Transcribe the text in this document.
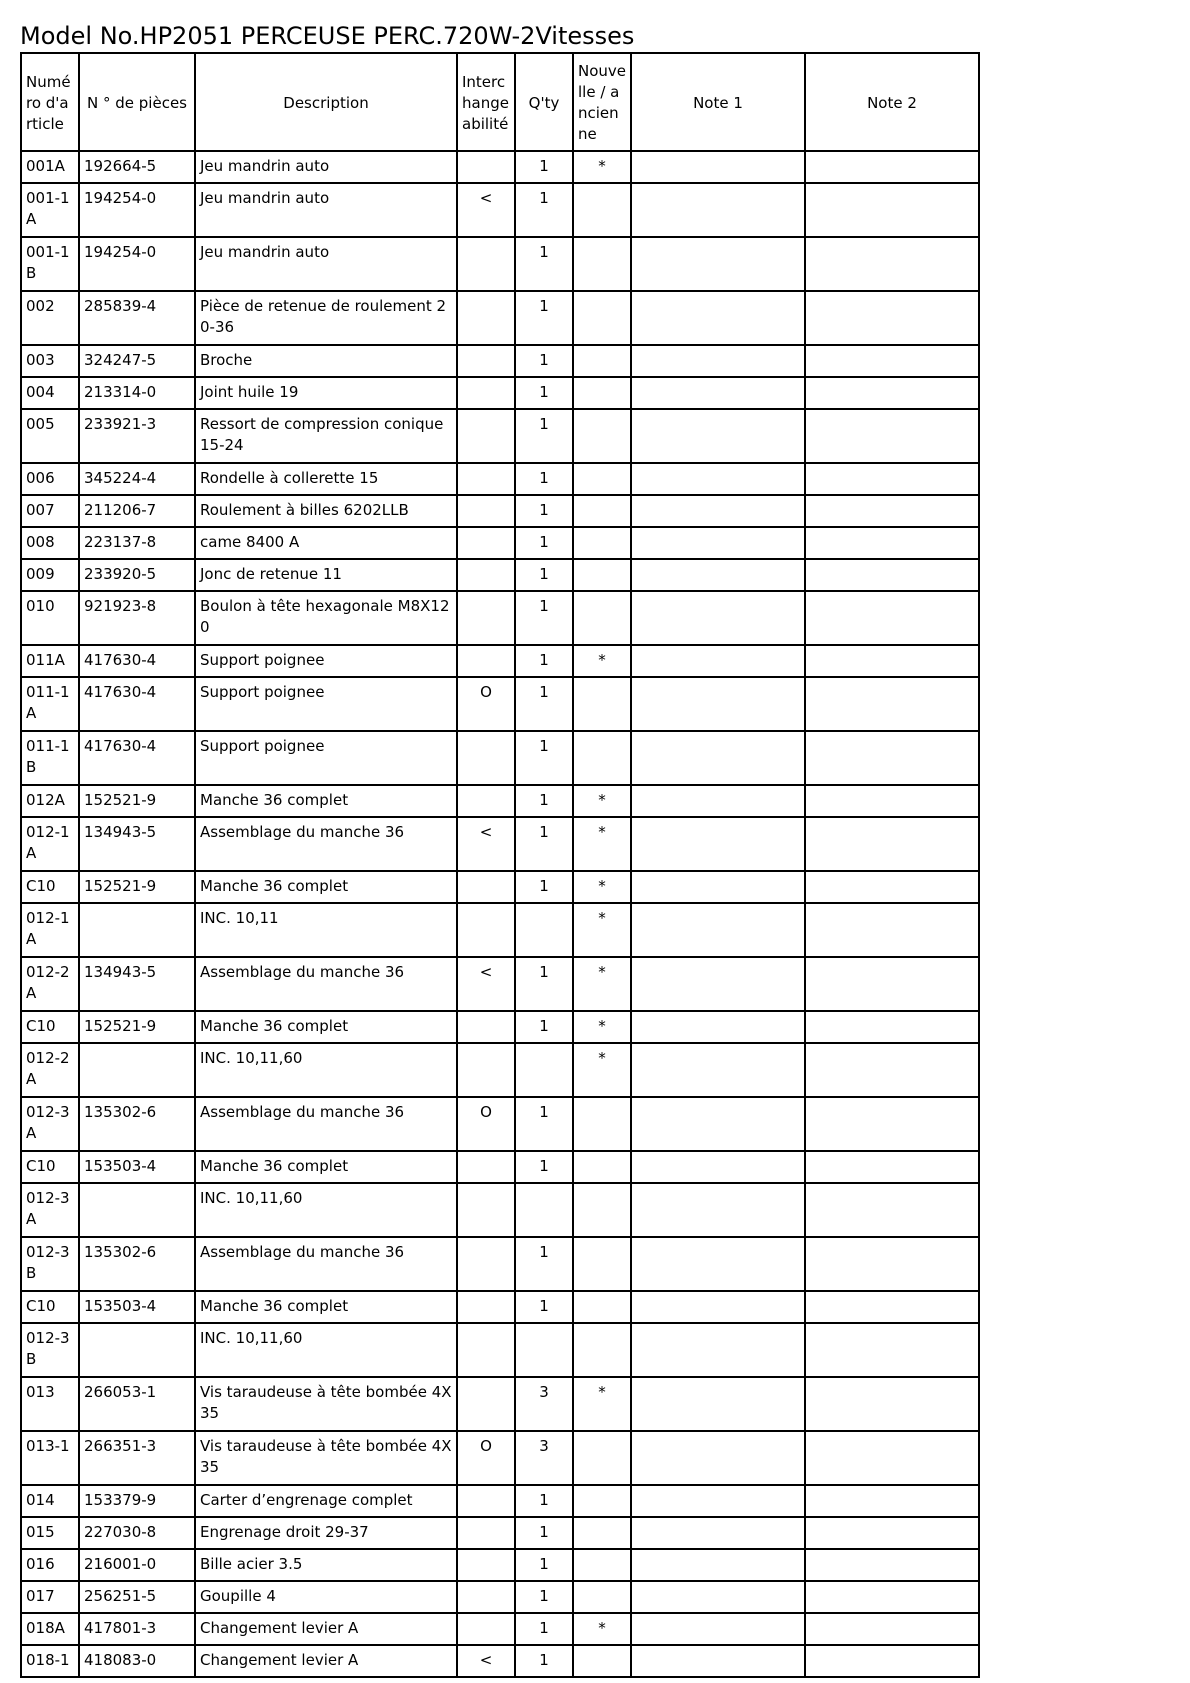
Model No.HP2051 PERCEUSE PERC.720W-2Vitesses
Numéro d'article	N ° de pièces	Description	Interchangeabilité	Q'ty	Nouvelle / ancienne	Note 1	Note 2
001A	192664-5	Jeu mandrin auto		1	*		
001-1A	194254-0	Jeu mandrin auto	<	1			
001-1B	194254-0	Jeu mandrin auto		1			
002	285839-4	Pièce de retenue de roulement 20-36		1			
003	324247-5	Broche		1			
004	213314-0	Joint huile 19		1			
005	233921-3	Ressort de compression conique 15-24		1			
006	345224-4	Rondelle à collerette 15		1			
007	211206-7	Roulement à billes 6202LLB		1			
008	223137-8	came 8400 A		1			
009	233920-5	Jonc de retenue 11		1			
010	921923-8	Boulon à tête hexagonale M8X120		1			
011A	417630-4	Support poignee		1	*		
011-1A	417630-4	Support poignee	O	1			
011-1B	417630-4	Support poignee		1			
012A	152521-9	Manche 36 complet		1	*		
012-1A	134943-5	Assemblage du manche 36	<	1	*		
C10	152521-9	Manche 36 complet		1	*		
012-1A		INC. 10,11			*		
012-2A	134943-5	Assemblage du manche 36	<	1	*		
C10	152521-9	Manche 36 complet		1	*		
012-2A		INC. 10,11,60			*		
012-3A	135302-6	Assemblage du manche 36	O	1			
C10	153503-4	Manche 36 complet		1			
012-3A		INC. 10,11,60					
012-3B	135302-6	Assemblage du manche 36		1			
C10	153503-4	Manche 36 complet		1			
012-3B		INC. 10,11,60					
013	266053-1	Vis taraudeuse à tête bombée 4X35		3	*		
013-1	266351-3	Vis taraudeuse à tête bombée 4X35	O	3			
014	153379-9	Carter d’engrenage complet		1			
015	227030-8	Engrenage droit 29-37		1			
016	216001-0	Bille acier 3.5		1			
017	256251-5	Goupille 4		1			
018A	417801-3	Changement levier A		1	*		
018-1	418083-0	Changement levier A	<	1			
